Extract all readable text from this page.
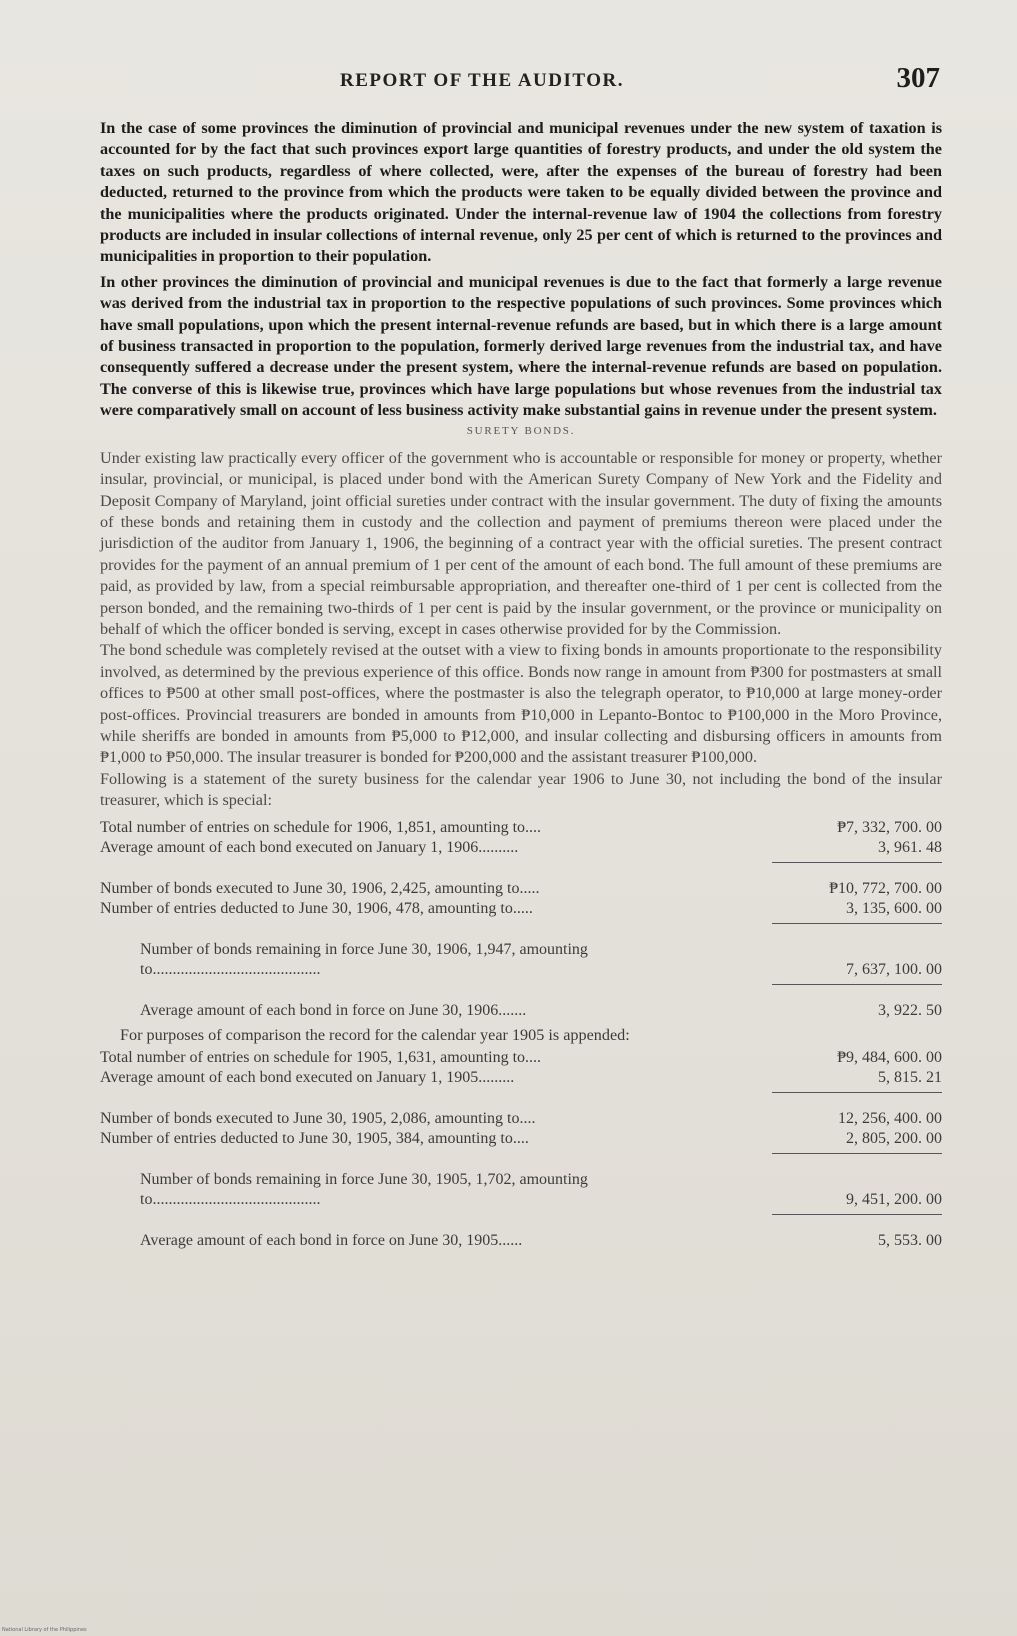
REPORT OF THE AUDITOR.	307

In the case of some provinces the diminution of provincial and municipal revenues under the new system of taxation is accounted for by the fact that such provinces export large quantities of forestry products, and under the old system the taxes on such products, regardless of where collected, were, after the expenses of the bureau of forestry had been deducted, returned to the province from which the products were taken to be equally divided between the province and the municipalities where the products originated. Under the internal-revenue law of 1904 the collections from forestry products are included in insular collections of internal revenue, only 25 per cent of which is returned to the provinces and municipalities in proportion to their population.

In other provinces the diminution of provincial and municipal revenues is due to the fact that formerly a large revenue was derived from the industrial tax in proportion to the respective populations of such provinces. Some provinces which have small populations, upon which the present internal-revenue refunds are based, but in which there is a large amount of business transacted in proportion to the population, formerly derived large revenues from the industrial tax, and have consequently suffered a decrease under the present system, where the internal-revenue refunds are based on population. The converse of this is likewise true, provinces which have large populations but whose revenues from the industrial tax were comparatively small on account of less business activity make substantial gains in revenue under the present system.

SURETY BONDS.

Under existing law practically every officer of the government who is accountable or responsible for money or property, whether insular, provincial, or municipal, is placed under bond with the American Surety Company of New York and the Fidelity and Deposit Company of Maryland, joint official sureties under contract with the insular government. The duty of fixing the amounts of these bonds and retaining them in custody and the collection and payment of premiums thereon were placed under the jurisdiction of the auditor from January 1, 1906, the beginning of a contract year with the official sureties. The present contract provides for the payment of an annual premium of 1 per cent of the amount of each bond. The full amount of these premiums are paid, as provided by law, from a special reimbursable appropriation, and thereafter one-third of 1 per cent is collected from the person bonded, and the remaining two-thirds of 1 per cent is paid by the insular government, or the province or municipality on behalf of which the officer bonded is serving, except in cases otherwise provided for by the Commission.

The bond schedule was completely revised at the outset with a view to fixing bonds in amounts proportionate to the responsibility involved, as determined by the previous experience of this office. Bonds now range in amount from ₱300 for postmasters at small offices to ₱500 at other small post-offices, where the postmaster is also the telegraph operator, to ₱10,000 at large money-order post-offices. Provincial treasurers are bonded in amounts from ₱10,000 in Lepanto-Bontoc to ₱100,000 in the Moro Province, while sheriffs are bonded in amounts from ₱5,000 to ₱12,000, and insular collecting and disbursing officers in amounts from ₱1,000 to ₱50,000. The insular treasurer is bonded for ₱200,000 and the assistant treasurer ₱100,000.

Following is a statement of the surety business for the calendar year 1906 to June 30, not including the bond of the insular treasurer, which is special:

Total number of entries on schedule for 1906, 1,851, amounting to....	₱7, 332, 700. 00
Average amount of each bond executed on January 1, 1906..........	3, 961. 48
Number of bonds executed to June 30, 1906, 2,425, amounting to.....	₱10, 772, 700. 00
Number of entries deducted to June 30, 1906, 478, amounting to.....	3, 135, 600. 00
Number of bonds remaining in force June 30, 1906, 1,947, amounting to..........................................	7, 637, 100. 00
Average amount of each bond in force on June 30, 1906.......	3, 922. 50

For purposes of comparison the record for the calendar year 1905 is appended:

Total number of entries on schedule for 1905, 1,631, amounting to....	₱9, 484, 600. 00
Average amount of each bond executed on January 1, 1905.........	5, 815. 21
Number of bonds executed to June 30, 1905, 2,086, amounting to....	12, 256, 400. 00
Number of entries deducted to June 30, 1905, 384, amounting to....	2, 805, 200. 00
Number of bonds remaining in force June 30, 1905, 1,702, amounting to..........................................	9, 451, 200. 00
Average amount of each bond in force on June 30, 1905......	5, 553. 00
National Library of the Philippines
